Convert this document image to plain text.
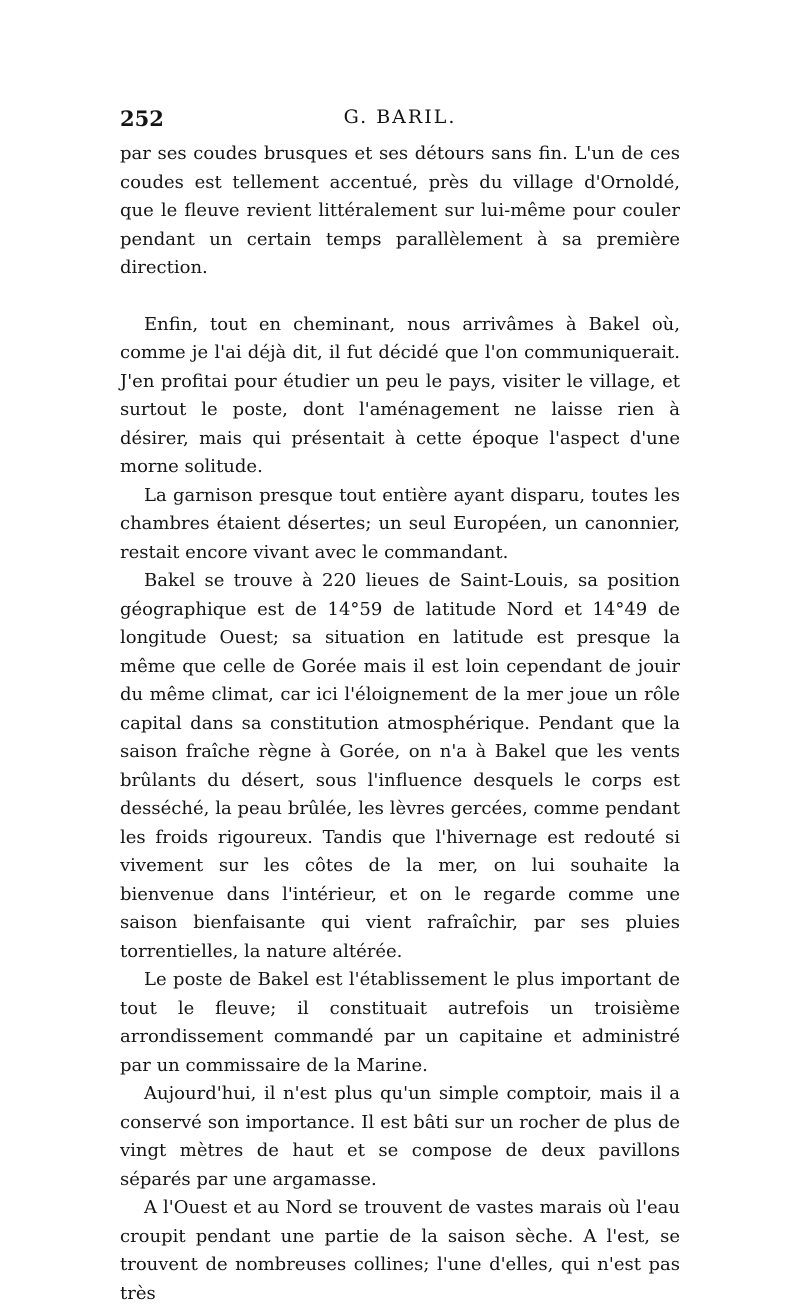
252	G. BARIL.

par ses coudes brusques et ses détours sans fin. L'un de ces coudes est tellement accentué, près du village d'Ornoldé, que le fleuve revient littéralement sur lui-même pour couler pendant un certain temps parallèlement à sa première direction.

Enfin, tout en cheminant, nous arrivâmes à Bakel où, comme je l'ai déjà dit, il fut décidé que l'on communiquerait. J'en profitai pour étudier un peu le pays, visiter le village, et surtout le poste, dont l'aménagement ne laisse rien à désirer, mais qui présentait à cette époque l'aspect d'une morne solitude.

La garnison presque tout entière ayant disparu, toutes les chambres étaient désertes; un seul Européen, un canonnier, restait encore vivant avec le commandant.

Bakel se trouve à 220 lieues de Saint-Louis, sa position géographique est de 14°59 de latitude Nord et 14°49 de longitude Ouest; sa situation en latitude est presque la même que celle de Gorée mais il est loin cependant de jouir du même climat, car ici l'éloignement de la mer joue un rôle capital dans sa constitution atmosphérique. Pendant que la saison fraîche règne à Gorée, on n'a à Bakel que les vents brûlants du désert, sous l'influence desquels le corps est desséché, la peau brûlée, les lèvres gercées, comme pendant les froids rigoureux. Tandis que l'hivernage est redouté si vivement sur les côtes de la mer, on lui souhaite la bienvenue dans l'intérieur, et on le regarde comme une saison bienfaisante qui vient rafraîchir, par ses pluies torrentielles, la nature altérée.

Le poste de Bakel est l'établissement le plus important de tout le fleuve; il constituait autrefois un troisième arrondissement commandé par un capitaine et administré par un commissaire de la Marine.

Aujourd'hui, il n'est plus qu'un simple comptoir, mais il a conservé son importance. Il est bâti sur un rocher de plus de vingt mètres de haut et se compose de deux pavillons séparés par une argamasse.

A l'Ouest et au Nord se trouvent de vastes marais où l'eau croupit pendant une partie de la saison sèche. A l'est, se trouvent de nombreuses collines; l'une d'elles, qui n'est pas très
